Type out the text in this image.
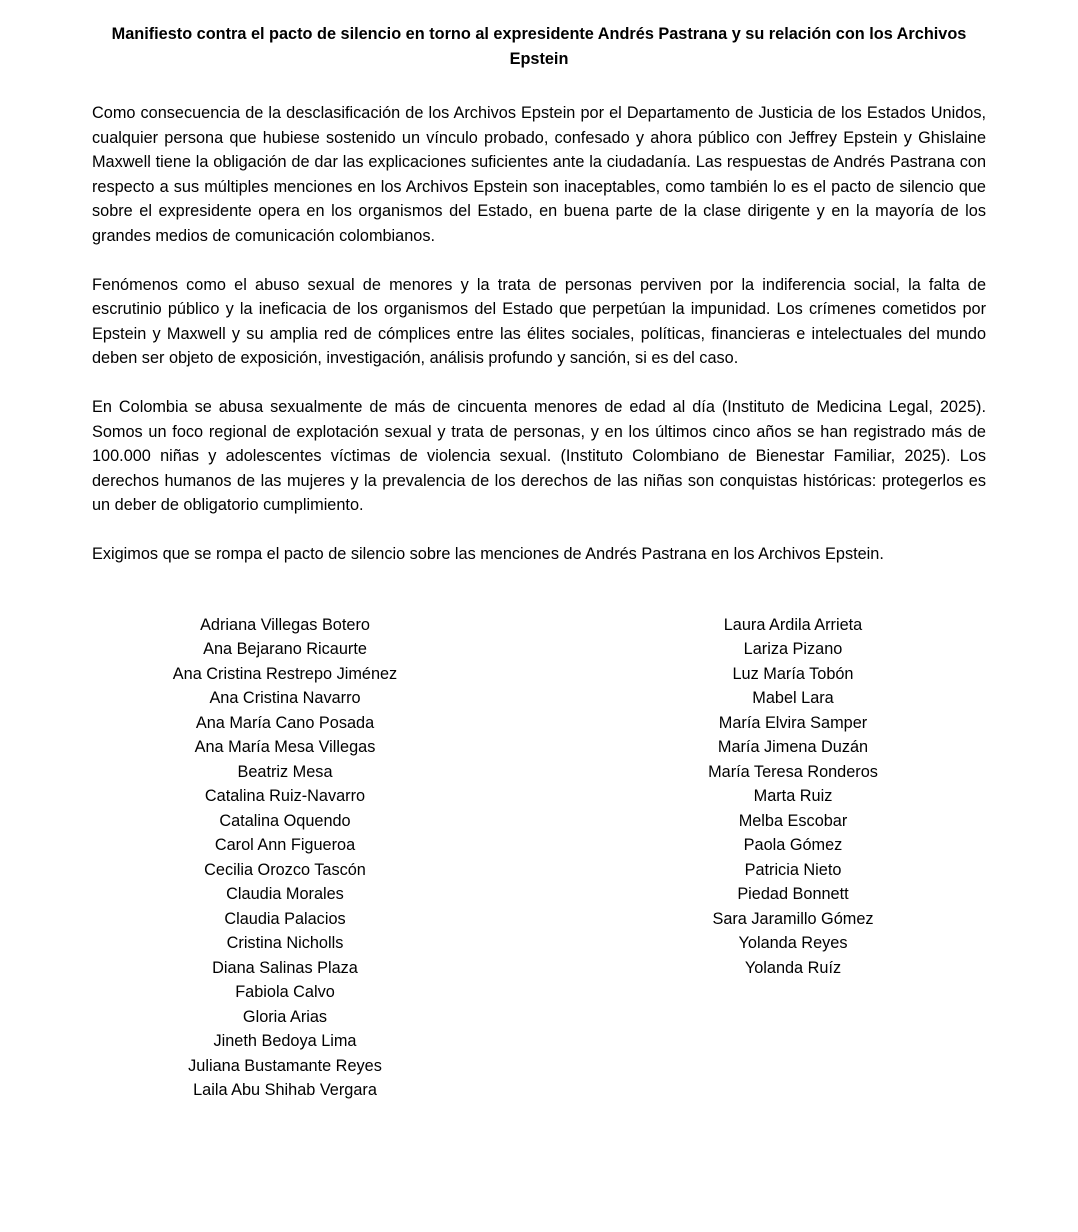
Manifiesto contra el pacto de silencio en torno al expresidente Andrés Pastrana y su relación con los Archivos Epstein

Como consecuencia de la desclasificación de los Archivos Epstein por el Departamento de Justicia de los Estados Unidos, cualquier persona que hubiese sostenido un vínculo probado, confesado y ahora público con Jeffrey Epstein y Ghislaine Maxwell tiene la obligación de dar las explicaciones suficientes ante la ciudadanía. Las respuestas de Andrés Pastrana con respecto a sus múltiples menciones en los Archivos Epstein son inaceptables, como también lo es el pacto de silencio que sobre el expresidente opera en los organismos del Estado, en buena parte de la clase dirigente y en la mayoría de los grandes medios de comunicación colombianos.

Fenómenos como el abuso sexual de menores y la trata de personas perviven por la indiferencia social, la falta de escrutinio público y la ineficacia de los organismos del Estado que perpetúan la impunidad. Los crímenes cometidos por Epstein y Maxwell y su amplia red de cómplices entre las élites sociales, políticas, financieras e intelectuales del mundo deben ser objeto de exposición, investigación, análisis profundo y sanción, si es del caso.

En Colombia se abusa sexualmente de más de cincuenta menores de edad al día (Instituto de Medicina Legal, 2025). Somos un foco regional de explotación sexual y trata de personas, y en los últimos cinco años se han registrado más de 100.000 niñas y adolescentes víctimas de violencia sexual. (Instituto Colombiano de Bienestar Familiar, 2025). Los derechos humanos de las mujeres y la prevalencia de los derechos de las niñas son conquistas históricas: protegerlos es un deber de obligatorio cumplimiento.

Exigimos que se rompa el pacto de silencio sobre las menciones de Andrés Pastrana en los Archivos Epstein.

Adriana Villegas Botero
Ana Bejarano Ricaurte
Ana Cristina Restrepo Jiménez
Ana Cristina Navarro
Ana María Cano Posada
Ana María Mesa Villegas
Beatriz Mesa
Catalina Ruiz-Navarro
Catalina Oquendo
Carol Ann Figueroa
Cecilia Orozco Tascón
Claudia Morales
Claudia Palacios
Cristina Nicholls
Diana Salinas Plaza
Fabiola Calvo
Gloria Arias
Jineth Bedoya Lima
Juliana Bustamante Reyes
Laila Abu Shihab Vergara
Laura Ardila Arrieta
Lariza Pizano
Luz María Tobón
Mabel Lara
María Elvira Samper
María Jimena Duzán
María Teresa Ronderos
Marta Ruiz
Melba Escobar
Paola Gómez
Patricia Nieto
Piedad Bonnett
Sara Jaramillo Gómez
Yolanda Reyes
Yolanda Ruíz
